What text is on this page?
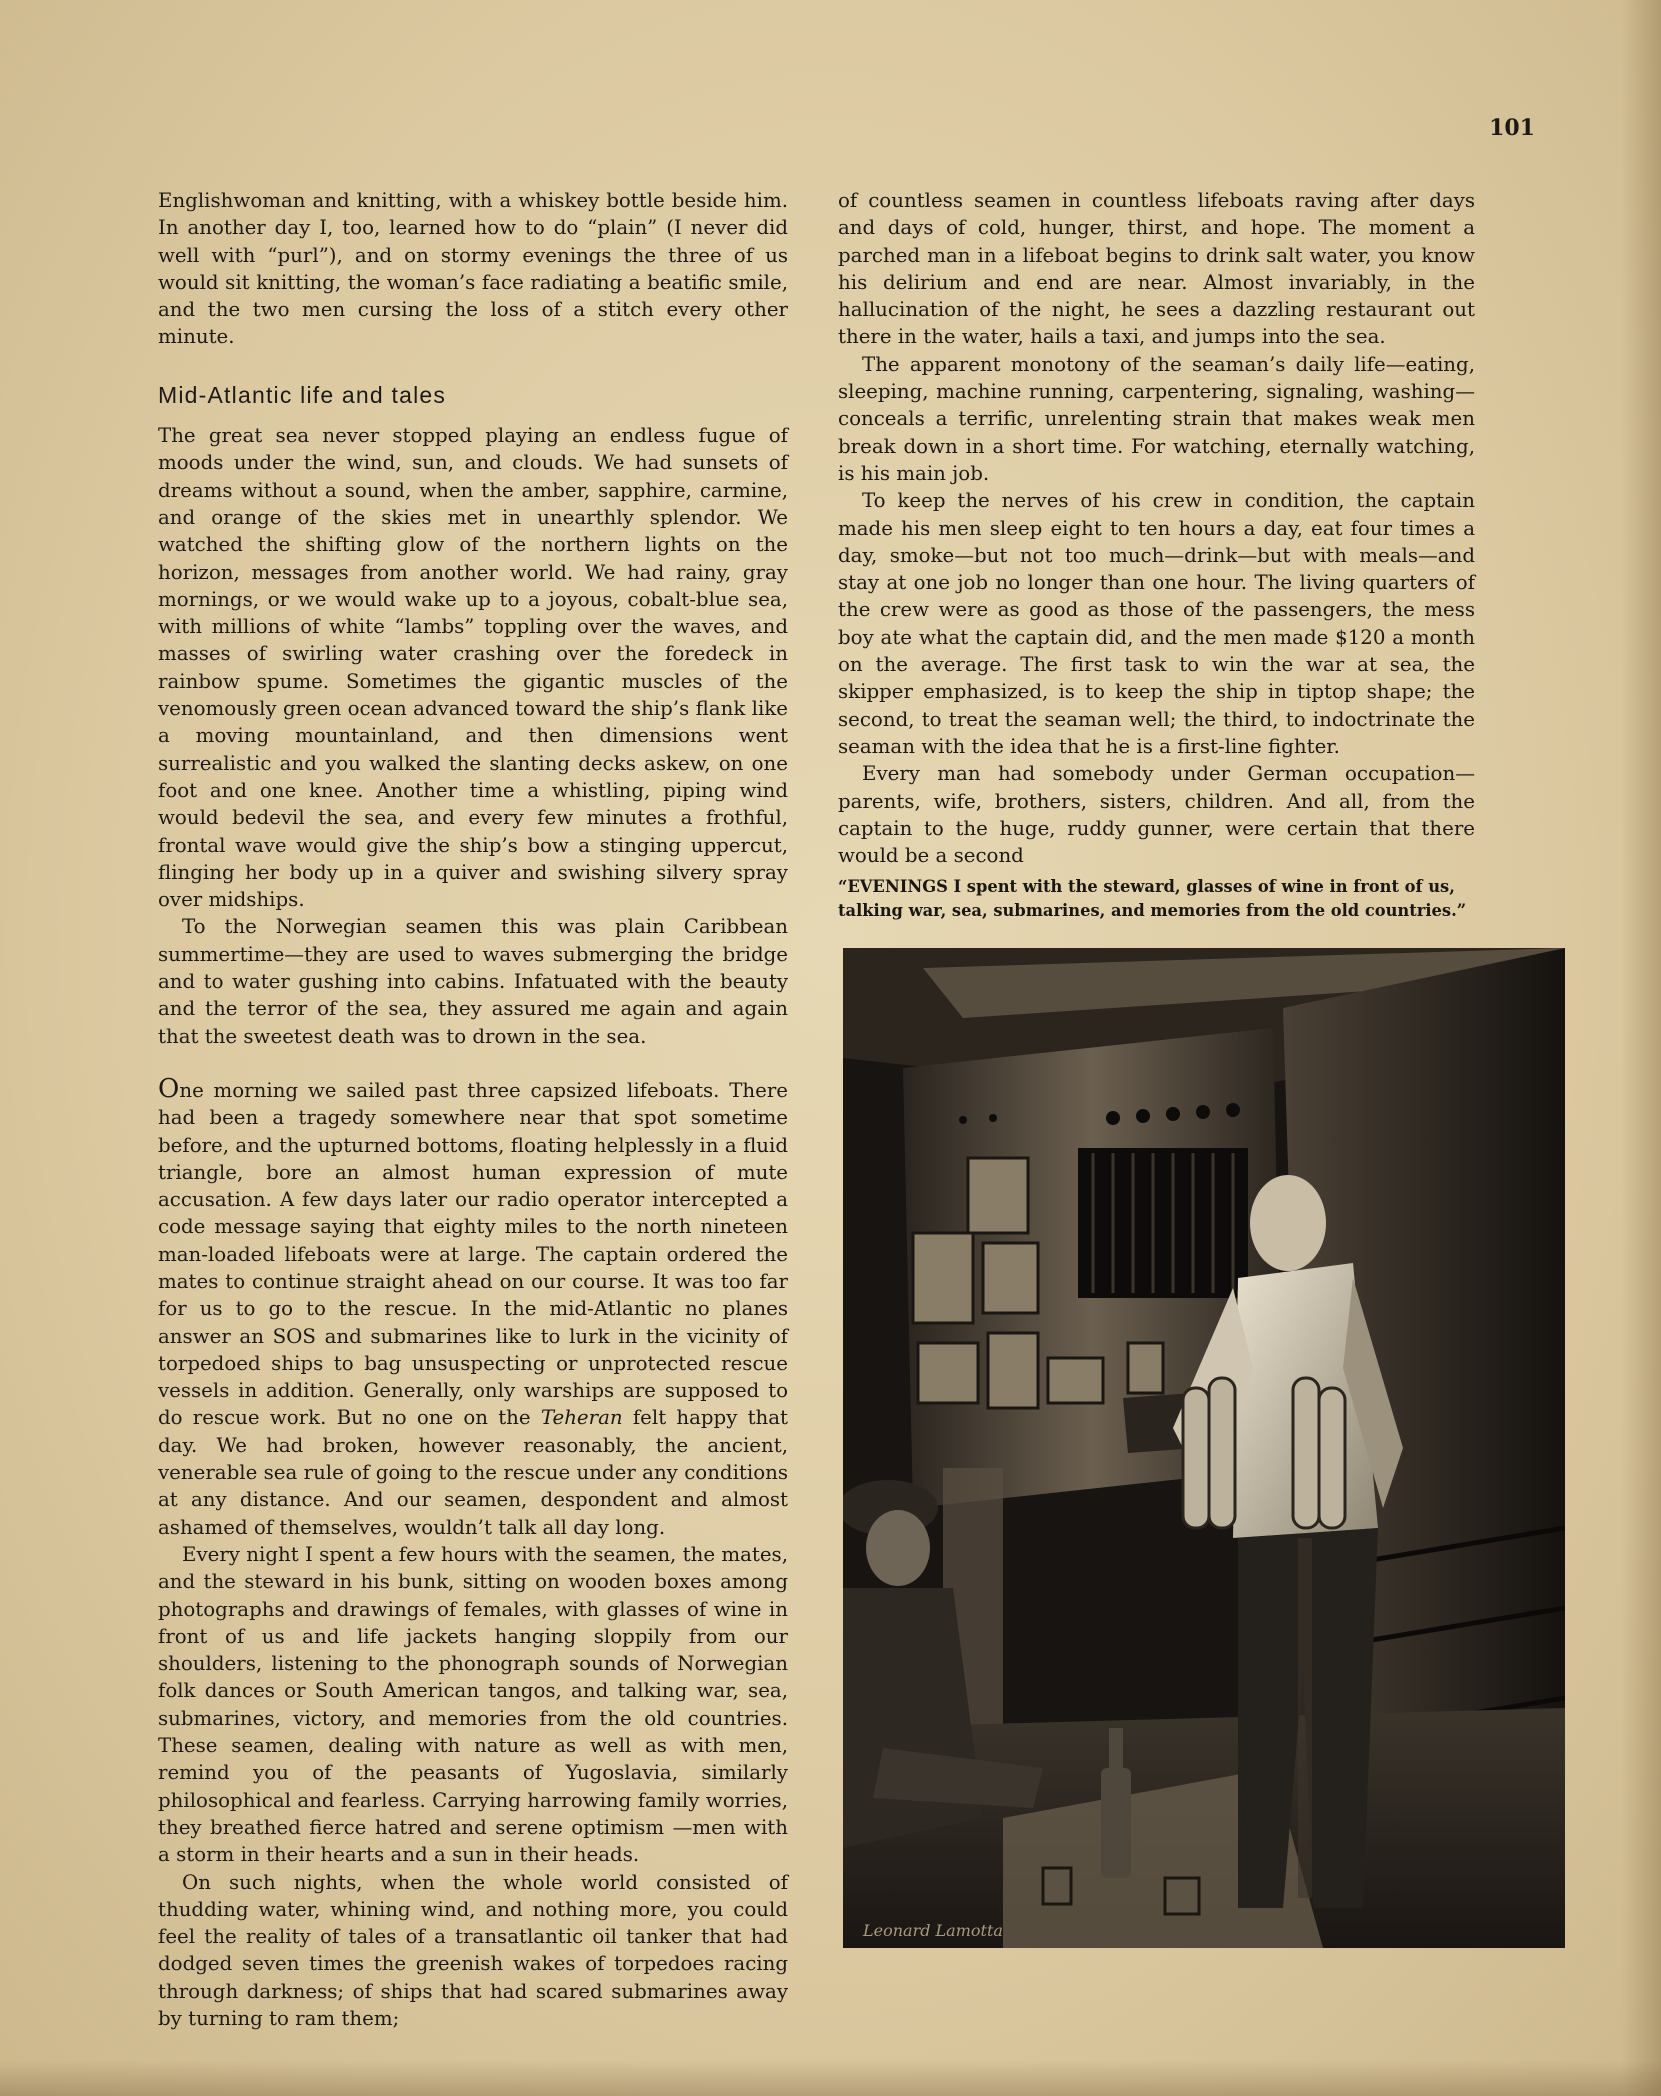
101

Englishwoman and knitting, with a whiskey bottle beside him. In another day I, too, learned how to do “plain” (I never did well with “purl”), and on stormy evenings the three of us would sit knitting, the woman’s face radiating a beatific smile, and the two men cursing the loss of a stitch every other minute.

Mid-Atlantic life and tales

The great sea never stopped playing an endless fugue of moods under the wind, sun, and clouds. We had sunsets of dreams without a sound, when the amber, sapphire, carmine, and orange of the skies met in unearthly splendor. We watched the shifting glow of the northern lights on the horizon, messages from another world. We had rainy, gray mornings, or we would wake up to a joyous, cobalt-blue sea, with millions of white “lambs” toppling over the waves, and masses of swirling water crashing over the foredeck in rainbow spume. Sometimes the gigantic muscles of the venomously green ocean advanced toward the ship’s flank like a moving mountainland, and then dimensions went surrealistic and you walked the slanting decks askew, on one foot and one knee. Another time a whistling, piping wind would bedevil the sea, and every few minutes a frothful, frontal wave would give the ship’s bow a stinging uppercut, flinging her body up in a quiver and swishing silvery spray over midships.

To the Norwegian seamen this was plain Caribbean summertime—they are used to waves submerging the bridge and to water gushing into cabins. Infatuated with the beauty and the terror of the sea, they assured me again and again that the sweetest death was to drown in the sea.

One morning we sailed past three capsized lifeboats. There had been a tragedy somewhere near that spot sometime before, and the upturned bottoms, floating helplessly in a fluid triangle, bore an almost human expression of mute accusation. A few days later our radio operator intercepted a code message saying that eighty miles to the north nineteen man-loaded lifeboats were at large. The captain ordered the mates to continue straight ahead on our course. It was too far for us to go to the rescue. In the mid-Atlantic no planes answer an SOS and submarines like to lurk in the vicinity of torpedoed ships to bag unsuspecting or unprotected rescue vessels in addition. Generally, only warships are supposed to do rescue work. But no one on the Teheran felt happy that day. We had broken, however reasonably, the ancient, venerable sea rule of going to the rescue under any conditions at any distance. And our seamen, despondent and almost ashamed of themselves, wouldn’t talk all day long.

Every night I spent a few hours with the seamen, the mates, and the steward in his bunk, sitting on wooden boxes among photographs and drawings of females, with glasses of wine in front of us and life jackets hanging sloppily from our shoulders, listening to the phonograph sounds of Norwegian folk dances or South American tangos, and talking war, sea, submarines, victory, and memories from the old countries. These seamen, dealing with nature as well as with men, remind you of the peasants of Yugoslavia, similarly philosophical and fearless. Carrying harrowing family worries, they breathed fierce hatred and serene optimism —men with a storm in their hearts and a sun in their heads.

On such nights, when the whole world consisted of thudding water, whining wind, and nothing more, you could feel the reality of tales of a transatlantic oil tanker that had dodged seven times the greenish wakes of torpedoes racing through darkness; of ships that had scared submarines away by turning to ram them;

of countless seamen in countless lifeboats raving after days and days of cold, hunger, thirst, and hope. The moment a parched man in a lifeboat begins to drink salt water, you know his delirium and end are near. Almost invariably, in the hallucination of the night, he sees a dazzling restaurant out there in the water, hails a taxi, and jumps into the sea.

The apparent monotony of the seaman’s daily life—eating, sleeping, machine running, carpentering, signaling, washing—conceals a terrific, unrelenting strain that makes weak men break down in a short time. For watching, eternally watching, is his main job.

To keep the nerves of his crew in condition, the captain made his men sleep eight to ten hours a day, eat four times a day, smoke—but not too much—drink—but with meals—and stay at one job no longer than one hour. The living quarters of the crew were as good as those of the passengers, the mess boy ate what the captain did, and the men made $120 a month on the average. The first task to win the war at sea, the skipper emphasized, is to keep the ship in tiptop shape; the second, to treat the seaman well; the third, to indoctrinate the seaman with the idea that he is a first-line fighter.

Every man had somebody under German occupation—parents, wife, brothers, sisters, children. And all, from the captain to the huge, ruddy gunner, were certain that there would be a second

“EVENINGS I spent with the steward, glasses of wine in front of us, talking war, sea, submarines, and memories from the old countries.”
Leonard Lamotta
